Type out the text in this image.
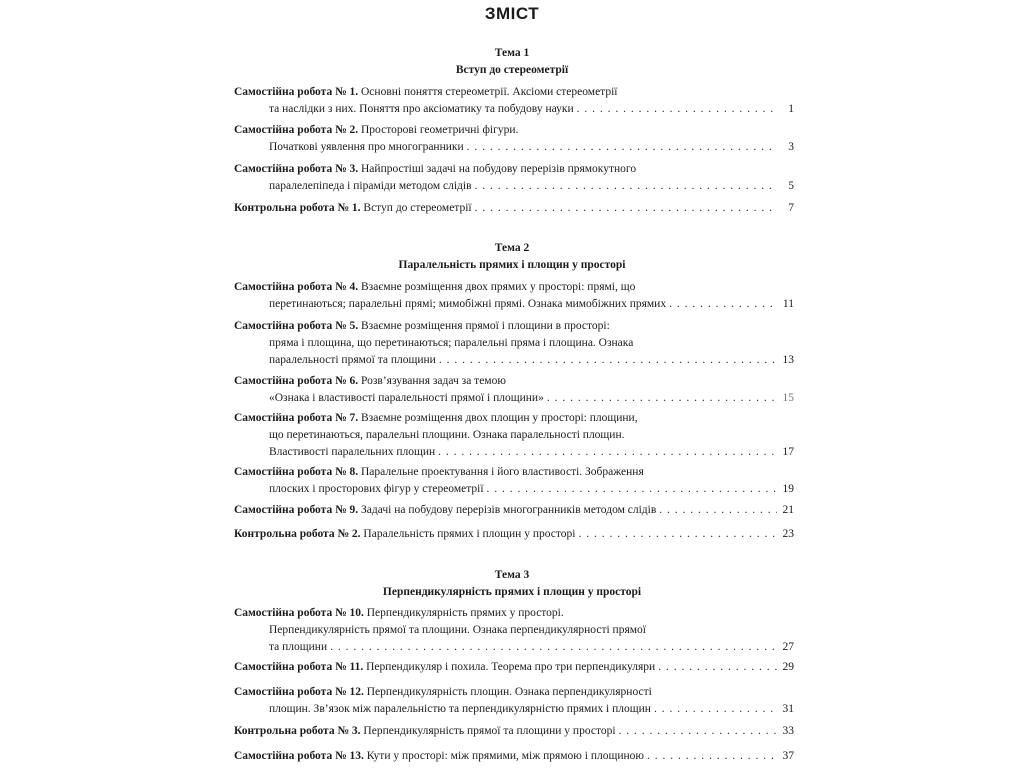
ЗМІСТ
Тема 1
Вступ до стереометрії
Самостійна робота № 1. Основні поняття стереометрії. Аксіоми стереометрії
та наслідки з них. Поняття про аксіоматику та побудову науки . . .	1
Самостійна робота № 2. Просторові геометричні фігури.
Початкові уявлення про многогранники . . .	3
Самостійна робота № 3. Найпростіші задачі на побудову перерізів прямокутного
паралелепіпеда і піраміди методом слідів . . .	5
Контрольна робота № 1.
Вступ до стереометрії . . .	7
Тема 2
Паралельність прямих і площин у просторі
Самостійна робота № 4. Взаємне розміщення двох прямих у просторі: прямі, що
перетинаються; паралельні прямі; мимобіжні прямі. Ознака мимобіжних прямих . . .	11
Самостійна робота № 5. Взаємне розміщення прямої і площини в просторі:
пряма і площина, що перетинаються; паралельні пряма і площина. Ознака
паралельності прямої та площини . . .	13
Самостійна робота № 6. Розв’язування задач за темою
«Ознака і властивості паралельності прямої і площини» . . .	15
Самостійна робота № 7. Взаємне розміщення двох площин у просторі: площини,
що перетинаються, паралельні площини. Ознака паралельності площин.
Властивості паралельних площин . . .	17
Самостійна робота № 8. Паралельне проектування і його властивості. Зображення
плоских і просторових фігур у стереометрії . . .	19
Самостійна робота № 9.
Задачі на побудову перерізів многогранників методом слідів . . .	21
Контрольна робота № 2.
Паралельність прямих і площин у просторі . . .	23
Тема 3
Перпендикулярність прямих і площин у просторі
Самостійна робота № 10. Перпендикулярність прямих у просторі.
Перпендикулярність прямої та площини. Ознака перпендикулярності прямої
та площини . . .	27
Самостійна робота № 11.
Перпендикуляр і похила. Теорема про три перпендикуляри . . .	29
Самостійна робота № 12. Перпендикулярність площин. Ознака перпендикулярності
площин. Зв’язок між паралельністю та перпендикулярністю прямих і площин . . .	31
Контрольна робота № 3.
Перпендикулярність прямої та площини у просторі . . .	33
Самостійна робота № 13.
Кути у просторі: між прямими, між прямою і площиною . . .	37
